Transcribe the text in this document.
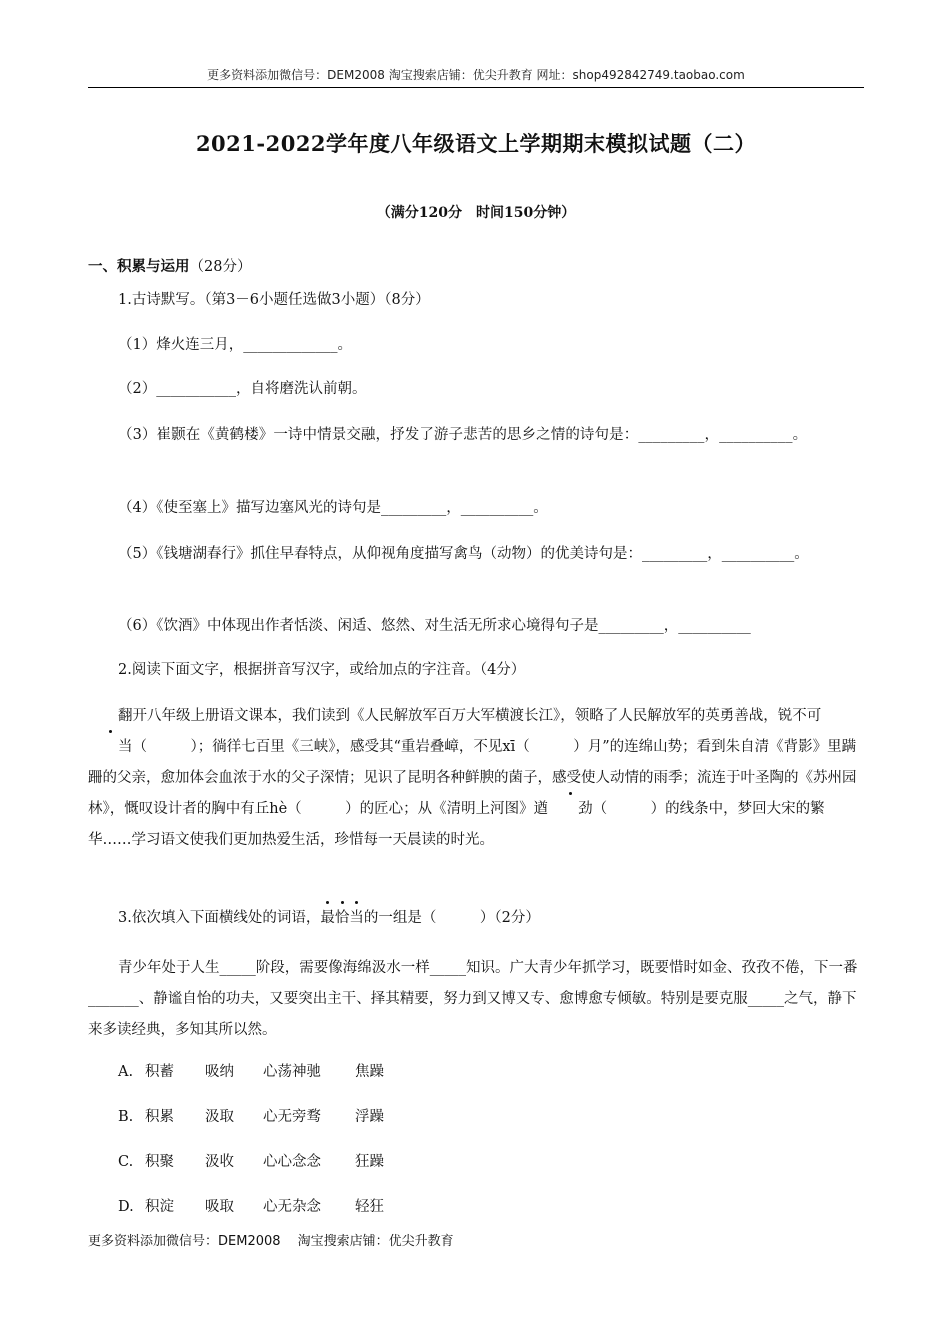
更多资料添加微信号：DEM2008 淘宝搜索店铺：优尖升教育 网址：shop492842749.taobao.com
2021-2022学年度八年级语文上学期期末模拟试题（二）
（满分120分　时间150分钟）
一、积累与运用（28分）
1.古诗默写。（第3－6小题任选做3小题）（8分）
（1）烽火连三月，_____________。
（2）___________，自将磨洗认前朝。
（3）崔颢在《黄鹤楼》一诗中情景交融，抒发了游子悲苦的思乡之情的诗句是：_________，__________。
（4）《使至塞上》描写边塞风光的诗句是_________，__________。
（5）《钱塘湖春行》抓住早春特点，从仰视角度描写禽鸟（动物）的优美诗句是：_________，__________。
（6）《饮酒》中体现出作者恬淡、闲适、悠然、对生活无所求心境得句子是_________，__________
2.阅读下面文字，根据拼音写汉字，或给加点的字注音。（4分）
翻开八年级上册语文课本，我们读到《人民解放军百万大军横渡长江》，领略了人民解放军的英勇善战，锐不可当（　　　）；徜徉七百里《三峡》，感受其“重岩叠嶂，不见xī（　　　）月”的连绵山势；看到朱自清《背影》里蹒跚的父亲，愈加体会血浓于水的父子深情；见识了昆明各种鲜腴的菌子，感受使人动情的雨季；流连于叶圣陶的《苏州园林》，慨叹设计者的胸中有丘hè（　　　）的匠心；从《清明上河图》遒 劲（　　　）的线条中，梦回大宋的繁华……学习语文使我们更加热爱生活，珍惜每一天晨读的时光。
3.依次填入下面横线处的词语，最恰当的一组是（　　　）（2分）
青少年处于人生_____阶段，需要像海绵汲水一样_____知识。广大青少年抓学习，既要惜时如金、孜孜不倦，下一番_______、静谧自怡的功夫，又要突出主干、择其精要，努力到又博又专、愈博愈专倾敏。特别是要克服_____之气，静下来多读经典，多知其所以然。
A. 积蓄 吸纳 心荡神驰 焦躁
B. 积累 汲取 心无旁骛 浮躁
C. 积聚 汲收 心心念念 狂躁
D. 积淀 吸取 心无杂念 轻狂
更多资料添加微信号：DEM2008　 淘宝搜索店铺：优尖升教育
